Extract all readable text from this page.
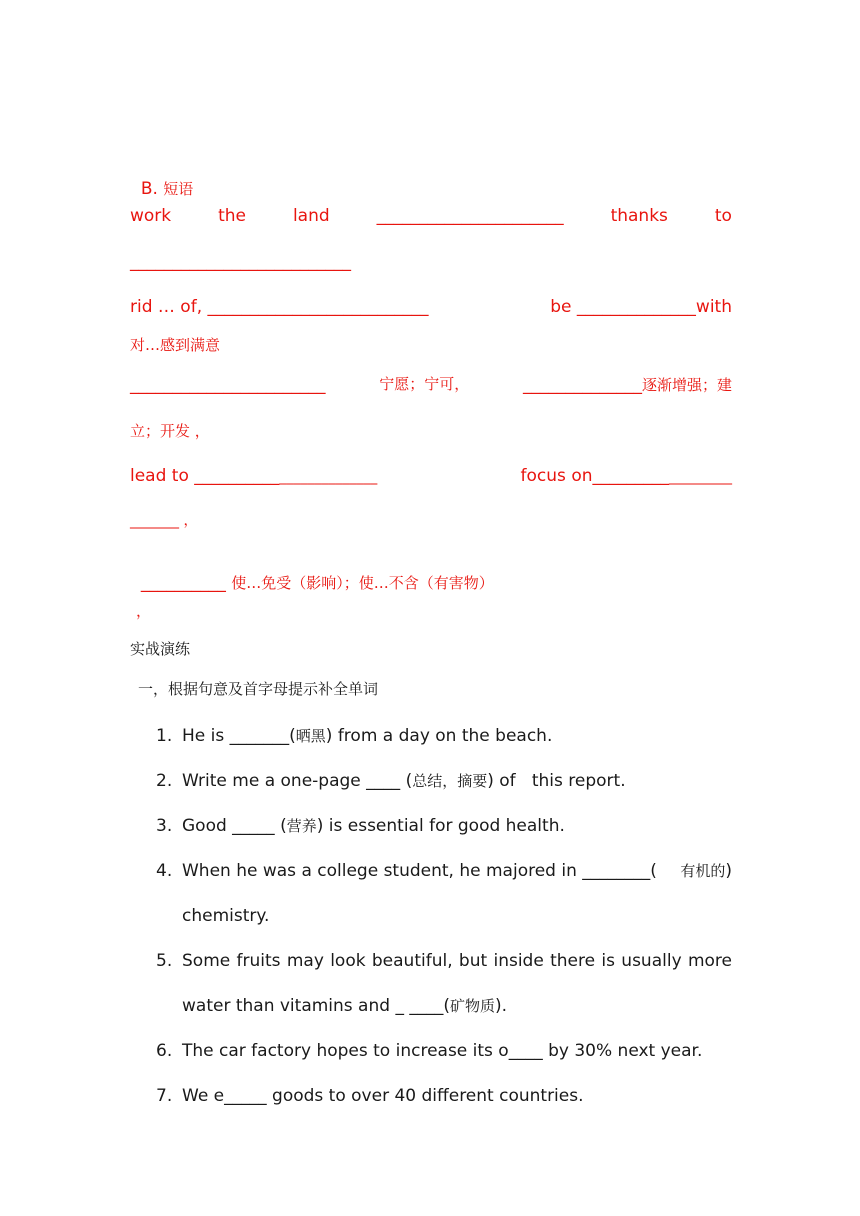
B. 短语

work	the	land	______________________	thanks	to
__________________________
rid … of, __________________________	be ______________with
对…感到满意
_______________________	宁愿；宁可，	______________逐渐增强；建
立；开发 ，
lead to ________________________	focus on__________________
_______ ，

__________ 使…免受（影响）；使…不含（有害物）

，
实战演练
一，根据句意及首字母提示补全单词
1. He is _______(晒黑) from a day on the beach.
2. Write me a one-page ____ (总结，摘要) of   this report.
3. Good _____ (营养) is essential for good health.
4. When he was a college student, he majored in ________( 有机的)
chemistry.
5. Some fruits may look beautiful, but inside there is usually more
water than vitamins and _ ____(矿物质).
6. The car factory hopes to increase its o____ by 30% next year.
7. We e_____ goods to over 40 different countries.
